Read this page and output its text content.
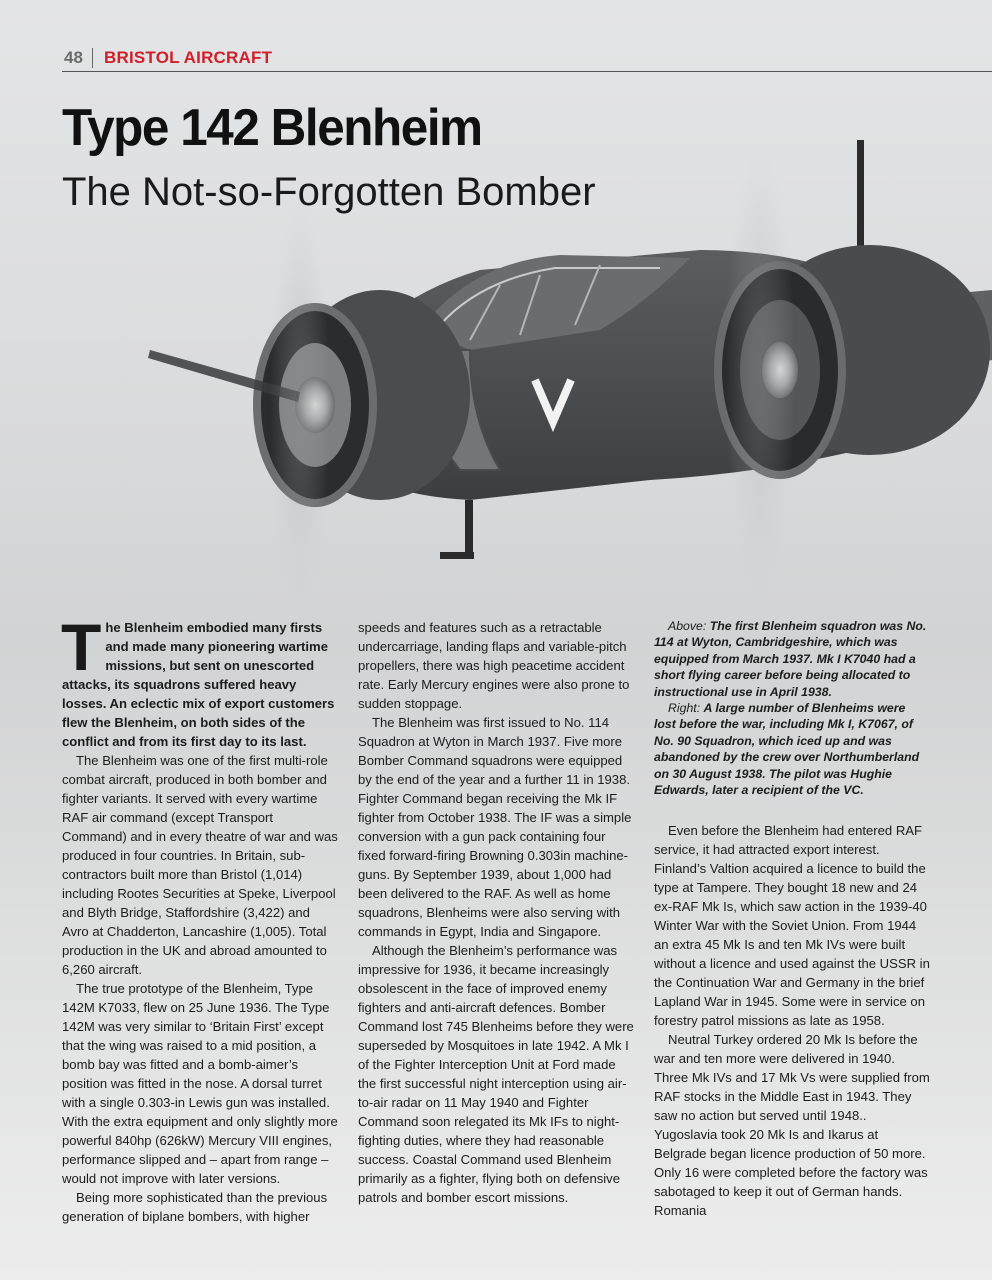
48 BRISTOL AIRCRAFT
Type 142 Blenheim
The Not-so-Forgotten Bomber

The Blenheim embodied many firsts and made many pioneering wartime missions, but sent on unescorted attacks, its squadrons suffered heavy losses. An eclectic mix of export customers flew the Blenheim, on both sides of the conflict and from its first day to its last.

The Blenheim was one of the first multi-role combat aircraft, produced in both bomber and fighter variants. It served with every wartime RAF air command (except Transport Command) and in every theatre of war and was produced in four countries. In Britain, sub-contractors built more than Bristol (1,014) including Rootes Securities at Speke, Liverpool and Blyth Bridge, Staffordshire (3,422) and Avro at Chadderton, Lancashire (1,005). Total production in the UK and abroad amounted to 6,260 aircraft.

The true prototype of the Blenheim, Type 142M K7033, flew on 25 June 1936. The Type 142M was very similar to ‘Britain First’ except that the wing was raised to a mid position, a bomb bay was fitted and a bomb-aimer’s position was fitted in the nose. A dorsal turret with a single 0.303-in Lewis gun was installed. With the extra equipment and only slightly more powerful 840hp (626kW) Mercury VIII engines, performance slipped and – apart from range – would not improve with later versions.

Being more sophisticated than the previous generation of biplane bombers, with higher

speeds and features such as a retractable undercarriage, landing flaps and variable-pitch propellers, there was high peacetime accident rate. Early Mercury engines were also prone to sudden stoppage.

The Blenheim was first issued to No. 114 Squadron at Wyton in March 1937. Five more Bomber Command squadrons were equipped by the end of the year and a further 11 in 1938. Fighter Command began receiving the Mk IF fighter from October 1938. The IF was a simple conversion with a gun pack containing four fixed forward-firing Browning 0.303in machine-guns. By September 1939, about 1,000 had been delivered to the RAF. As well as home squadrons, Blenheims were also serving with commands in Egypt, India and Singapore.

Although the Blenheim’s performance was impressive for 1936, it became increasingly obsolescent in the face of improved enemy fighters and anti-aircraft defences. Bomber Command lost 745 Blenheims before they were superseded by Mosquitoes in late 1942. A Mk I of the Fighter Interception Unit at Ford made the first successful night interception using air-to-air radar on 11 May 1940 and Fighter Command soon relegated its Mk IFs to night-fighting duties, where they had reasonable success. Coastal Command used Blenheim primarily as a fighter, flying both on defensive patrols and bomber escort missions.

Above: The first Blenheim squadron was No. 114 at Wyton, Cambridgeshire, which was equipped from March 1937. Mk I K7040 had a short flying career before being allocated to instructional use in April 1938.

Right: A large number of Blenheims were lost before the war, including Mk I, K7067, of No. 90 Squadron, which iced up and was abandoned by the crew over Northumberland on 30 August 1938. The pilot was Hughie Edwards, later a recipient of the VC.

Even before the Blenheim had entered RAF service, it had attracted export interest. Finland’s Valtion acquired a licence to build the type at Tampere. They bought 18 new and 24 ex-RAF Mk Is, which saw action in the 1939-40 Winter War with the Soviet Union. From 1944 an extra 45 Mk Is and ten Mk IVs were built without a licence and used against the USSR in the Continuation War and Germany in the brief Lapland War in 1945. Some were in service on forestry patrol missions as late as 1958.

Neutral Turkey ordered 20 Mk Is before the war and ten more were delivered in 1940. Three Mk IVs and 17 Mk Vs were supplied from RAF stocks in the Middle East in 1943. They saw no action but served until 1948.. Yugoslavia took 20 Mk Is and Ikarus at Belgrade began licence production of 50 more. Only 16 were completed before the factory was sabotaged to keep it out of German hands. Romania
